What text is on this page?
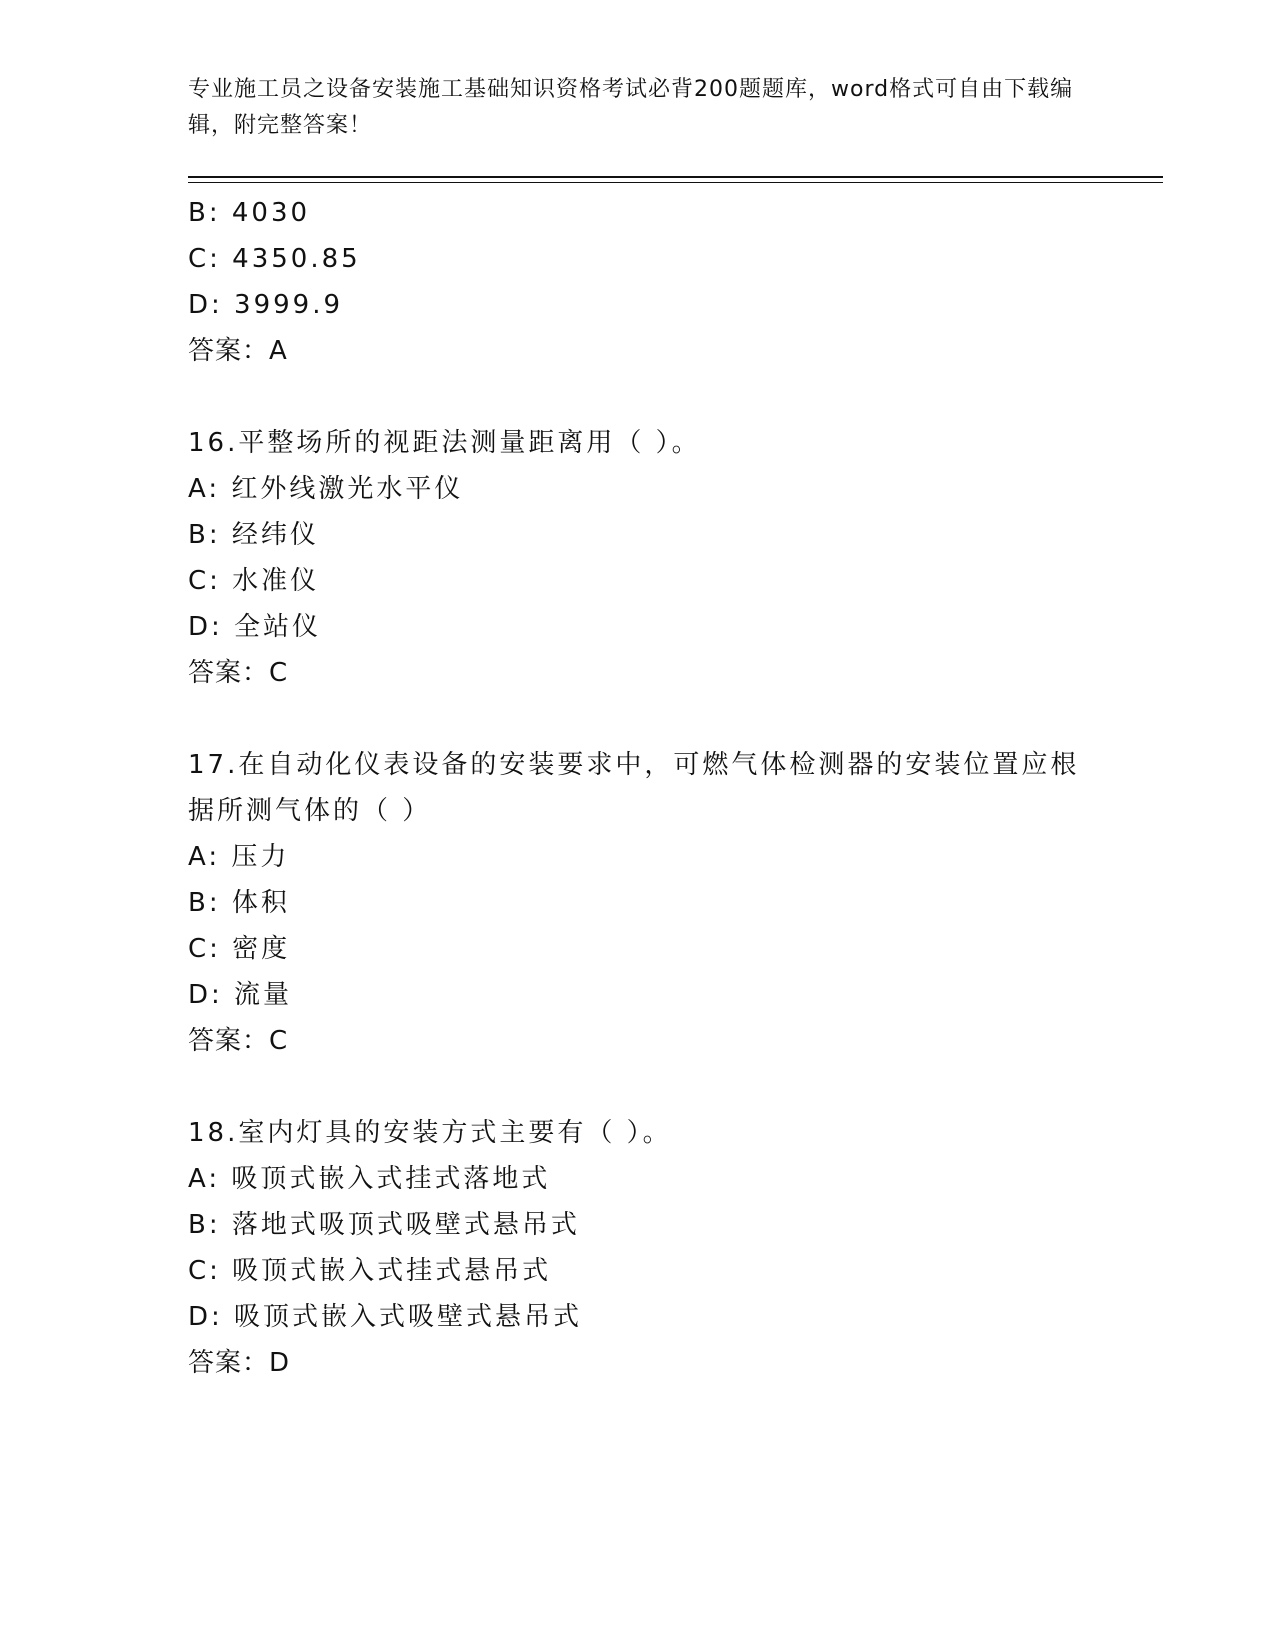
专业施工员之设备安装施工基础知识资格考试必背200题题库，word格式可自由下载编辑，附完整答案！
B: 4030
C: 4350.85
D: 3999.9
答案：A
16.平整场所的视距法测量距离用（ ）。
A: 红外线激光水平仪
B: 经纬仪
C: 水准仪
D: 全站仪
答案：C
17.在自动化仪表设备的安装要求中，可燃气体检测器的安装位置应根据所测气体的（ ）
A: 压力
B: 体积
C: 密度
D: 流量
答案：C
18.室内灯具的安装方式主要有（ ）。
A: 吸顶式嵌入式挂式落地式
B: 落地式吸顶式吸壁式悬吊式
C: 吸顶式嵌入式挂式悬吊式
D: 吸顶式嵌入式吸壁式悬吊式
答案：D
